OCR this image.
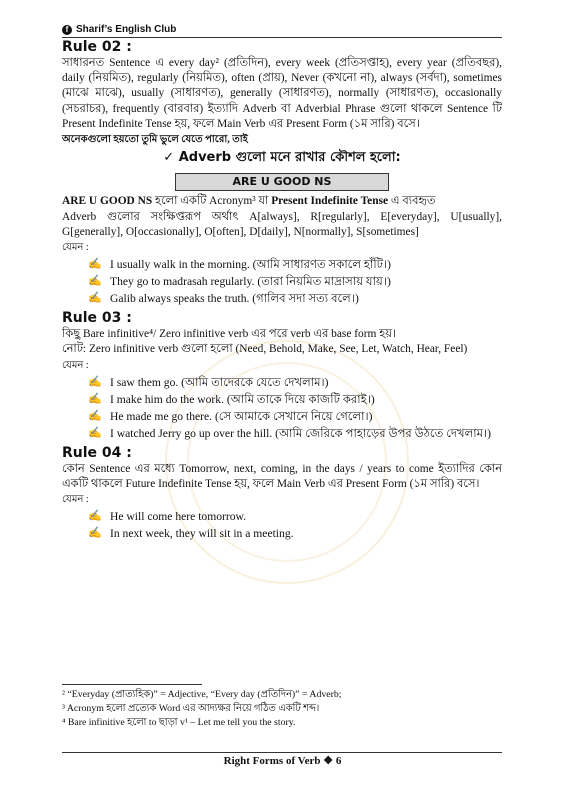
f Sharif’s English Club
Rule 02 :

সাধারনত Sentence এ every day² (প্রতিদিন), every week (প্রতিসপ্তাহ), every year (প্রতিবছর), daily (নিয়মিত), regularly (নিয়মিত), often (প্রায়), Never (কখনো না), always (সর্বদা), sometimes (মাঝে মাঝে), usually (সাধারণত), generally (সাধারণত), normally (সাধারণত), occasionally (সচরাচর), frequently (বারবার) ইত্যাদি Adverb বা Adverbial Phrase গুলো থাকলে Sentence টি Present Indefinite Tense হয়, ফলে Main Verb এর Present Form (১ম সারি) বসে।

অনেকগুলো হয়তো তুমি ভুলে যেতে পারো, তাই

✓ Adverb গুলো মনে রাখার কৌশল হলো:
ARE U GOOD NS

ARE U GOOD NS হলো একটি Acronym³ যা Present Indefinite Tense এ ব্যবহৃত

Adverb গুলোর সংক্ষিপ্তরূপ অর্থাৎ A[always], R[regularly], E[everyday], U[usually], G[generally], O[occasionally], O[often], D[daily], N[normally], S[sometimes]

যেমন :

✍ I usually walk in the morning. (আমি সাধারণত সকালে হাঁটি।)
✍ They go to madrasah regularly. (তারা নিয়মিত মাদ্রাসায় যায়।)
✍ Galib always speaks the truth. (গালিব সদা সত্য বলে।)
Rule 03 :

কিছু Bare infinitive⁴/ Zero infinitive verb এর পরে verb এর base form হয়।

নোট: Zero infinitive verb গুলো হলো (Need, Behold, Make, See, Let, Watch, Hear, Feel)

যেমন :

✍ I saw them go. (আমি তাদেরকে যেতে দেখলাম।)
✍ I make him do the work. (আমি তাকে দিয়ে কাজটি করাই।)
✍ He made me go there. (সে আমাকে সেখানে নিয়ে গেলো।)
✍ I watched Jerry go up over the hill. (আমি জেরিকে পাহাড়ের উপর উঠতে দেখলাম।)
Rule 04 :

কোন Sentence এর মধ্যে Tomorrow, next, coming, in the days / years to come ইত্যাদির কোন একটি থাকলে Future Indefinite Tense হয়, ফলে Main Verb এর Present Form (১ম সারি) বসে।

যেমন :

✍ He will come here tomorrow.
✍ In next week, they will sit in a meeting.
² “Everyday (প্রাত্যহিক)” = Adjective, “Every day (প্রতিদিন)” = Adverb;
³ Acronym হলো প্রত্যেক Word এর আদ্যক্ষর নিয়ে গঠিত একটি শব্দ।
⁴ Bare infinitive হলো to ছাড়া v¹ – Let me tell you the story.
Right Forms of Verb ❖ 6
